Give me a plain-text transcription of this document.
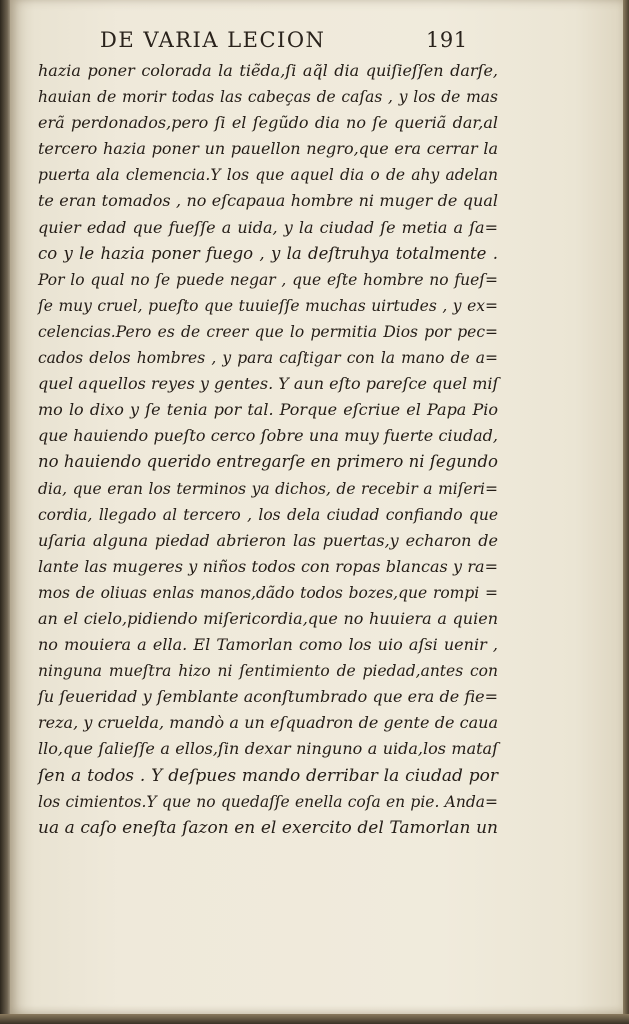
DE VARIA LECION	191
hazia poner colorada la tiẽda,ſi aq̃l dia quiſieſſen darſe,
hauian de morir todas las cabeças de caſas , y los de mas
erã perdonados,pero ſi el ſegũdo dia no ſe queriã dar,al
tercero hazia poner un pauellon negro,que era cerrar la
puerta ala clemencia.Y los que aquel dia o de ahy adelan
te eran tomados , no eſcapaua hombre ni muger de qual
quier edad que fueſſe a uida, y la ciudad ſe metia a ſa=
co y le hazia poner fuego , y la deſtruhya totalmente .
Por lo qual no ſe puede negar , que eſte hombre no fueſ=
ſe muy cruel, pueſto que tuuieſſe muchas uirtudes , y ex=
celencias.Pero es de creer que lo permitia Dios por pec=
cados delos hombres , y para caſtigar con la mano de a=
quel aquellos reyes y gentes. Y aun eſto pareſce quel miſ
mo lo dixo y ſe tenia por tal. Porque eſcriue el Papa Pio
que hauiendo pueſto cerco ſobre una muy fuerte ciudad,
no hauiendo querido entregarſe en primero ni ſegundo
dia, que eran los terminos ya dichos, de recebir a miſeri=
cordia, llegado al tercero , los dela ciudad confiando que
uſaria alguna piedad abrieron las puertas,y echaron de
lante las mugeres y niños todos con ropas blancas y ra=
mos de oliuas enlas manos,dãdo todos bozes,que rompi =
an el cielo,pidiendo miſericordia,que no huuiera a quien
no mouiera a ella. El Tamorlan como los uio aſsi uenir ,
ninguna mueſtra hizo ni ſentimiento de piedad,antes con
ſu ſeueridad y ſemblante aconſtumbrado que era de fie=
reza, y cruelda, mandò a un eſquadron de gente de caua
llo,que ſalieſſe a ellos,ſin dexar ninguno a uida,los mataſ
ſen a todos . Y deſpues mando derribar la ciudad por
los cimientos.Y que no quedaſſe enella coſa en pie. Anda=
ua a caſo eneſta ſazon en el exercito del Tamorlan un
